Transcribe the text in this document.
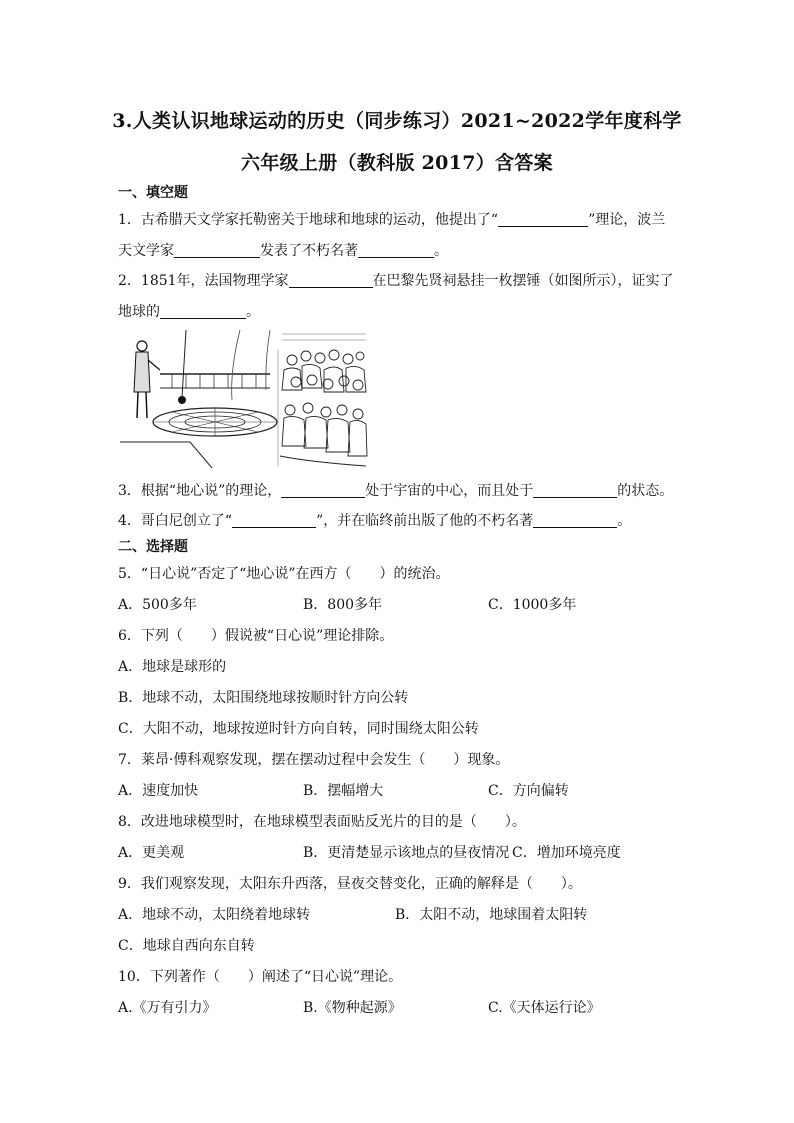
3.人类认识地球运动的历史（同步练习）2021~2022学年度科学
六年级上册（教科版 2017）含答案
一、填空题
1．古希腊天文学家托勒密关于地球和地球的运动，他提出了“	”理论，波兰
天文学家	发表了不朽名著	。
2．1851年，法国物理学家	在巴黎先贤祠悬挂一枚摆锤（如图所示），证实了
地球的	。
3．根据“地心说”的理论，	处于宇宙的中心，而且处于	的状态。
4．哥白尼创立了“	”，并在临终前出版了他的不朽名著	。
二、选择题
5．“日心说”否定了“地心说”在西方（　　）的统治。
A．500多年	B．800多年	C．1000多年
6．下列（　　）假说被“日心说”理论排除。
A．地球是球形的
B．地球不动，太阳围绕地球按顺时针方向公转
C．大阳不动，地球按逆时针方向自转，同时围绕太阳公转
7．莱昂·傅科观察发现，摆在摆动过程中会发生（　　）现象。
A．速度加快	B．摆幅增大	C．方向偏转
8．改进地球模型时，在地球模型表面贴反光片的目的是（　　）。
A．更美观	B．更清楚显示该地点的昼夜情况 C．增加环境亮度
9．我们观察发现，太阳东升西落，昼夜交替变化，正确的解释是（　　）。
A．地球不动，太阳绕着地球转	B．太阳不动，地球围着太阳转
C．地球自西向东自转
10．下列著作（　　）阐述了“日心说”理论。
A.《万有引力》	B.《物种起源》	C.《天体运行论》
